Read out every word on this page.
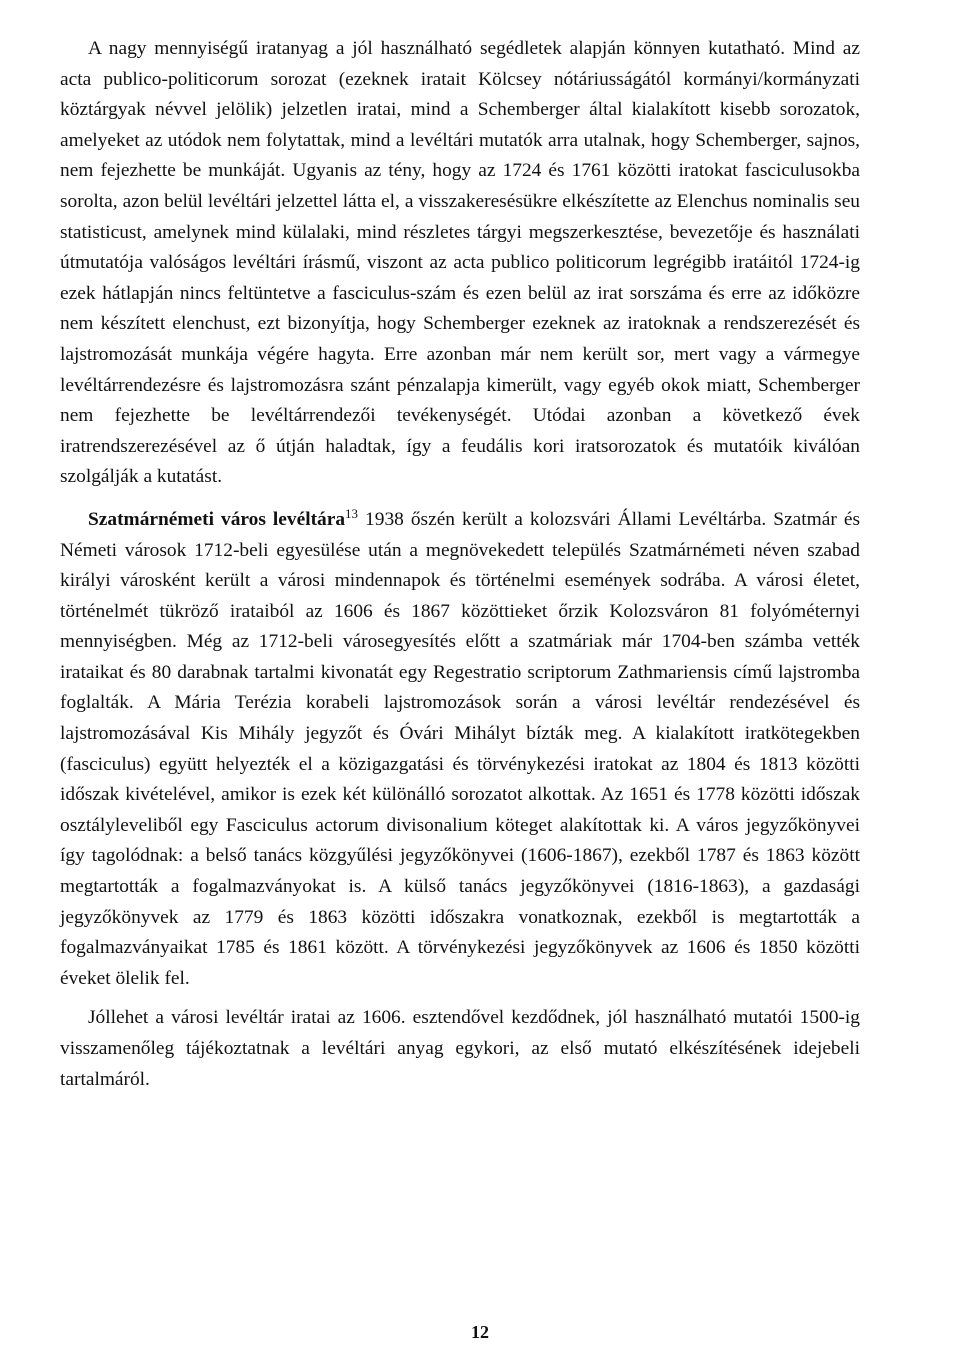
A nagy mennyiségű iratanyag a jól használható segédletek alapján könnyen kutatható. Mind az acta publico-politicorum sorozat (ezeknek iratait Kölcsey nótáriusságától kormányi/kormányzati köztárgyak névvel jelölik) jelzetlen iratai, mind a Schemberger által kialakított kisebb sorozatok, amelyeket az utódok nem folytattak, mind a levéltári mutatók arra utalnak, hogy Schemberger, sajnos, nem fejezhette be munkáját. Ugyanis az tény, hogy az 1724 és 1761 közötti iratokat fasciculusokba sorolta, azon belül levéltári jelzettel látta el, a visszakeresésükre elkészítette az Elenchus nominalis seu statisticust, amelynek mind külalaki, mind részletes tárgyi megszerkesztése, bevezetője és használati útmutatója valóságos levéltári írásmű, viszont az acta publico politicorum legrégibb iratáitól 1724-ig ezek hátlapján nincs feltüntetve a fasciculus-szám és ezen belül az irat sorszáma és erre az időközre nem készített elenchust, ezt bizonyítja, hogy Schemberger ezeknek az iratoknak a rendszerezését és lajstromozását munkája végére hagyta. Erre azonban már nem került sor, mert vagy a vármegye levéltárrendezésre és lajstromozásra szánt pénzalapja kimerült, vagy egyéb okok miatt, Schemberger nem fejezhette be levéltárrendezői tevékenységét. Utódai azonban a következő évek iratrendszerezésével az ő útján haladtak, így a feudális kori iratsorozatok és mutatóik kiválóan szolgálják a kutatást.

Szatmárnémeti város levéltára$^{13}$ 1938 őszén került a kolozsvári Állami Levéltárba. Szatmár és Németi városok 1712-beli egyesülése után a megnövekedett település Szatmárnémeti néven szabad királyi városként került a városi mindennapok és történelmi események sodrába. A városi életet, történelmét tükröző irataiból az 1606 és 1867 közöttieket őrzik Kolozsváron 81 folyóméternyi mennyiségben. Még az 1712-beli városegyesítés előtt a szatmáriak már 1704-ben számba vették irataikat és 80 darabnak tartalmi kivonatát egy Regestratio scriptorum Zathmariensis című lajstromba foglalták. A Mária Terézia korabeli lajstromozások során a városi levéltár rendezésével és lajstromozásával Kis Mihály jegyzőt és Óvári Mihályt bízták meg. A kialakított iratkötegekben (fasciculus) együtt helyezték el a közigazgatási és törvénykezési iratokat az 1804 és 1813 közötti időszak kivételével, amikor is ezek két különálló sorozatot alkottak. Az 1651 és 1778 közötti időszak osztályleveliből egy Fasciculus actorum divisonalium köteget alakítottak ki. A város jegyzőkönyvei így tagolódnak: a belső tanács közgyűlési jegyzőkönyvei (1606-1867), ezekből 1787 és 1863 között megtartották a fogalmazványokat is. A külső tanács jegyzőkönyvei (1816-1863), a gazdasági jegyzőkönyvek az 1779 és 1863 közötti időszakra vonatkoznak, ezekből is megtartották a fogalmazványaikat 1785 és 1861 között. A törvénykezési jegyzőkönyvek az 1606 és 1850 közötti éveket ölelik fel.

Jóllehet a városi levéltár iratai az 1606. esztendővel kezdődnek, jól használható mutatói 1500-ig visszamenőleg tájékoztatnak a levéltári anyag egykori, az első mutató elkészítésének idejebeli tartalmáról.

12
